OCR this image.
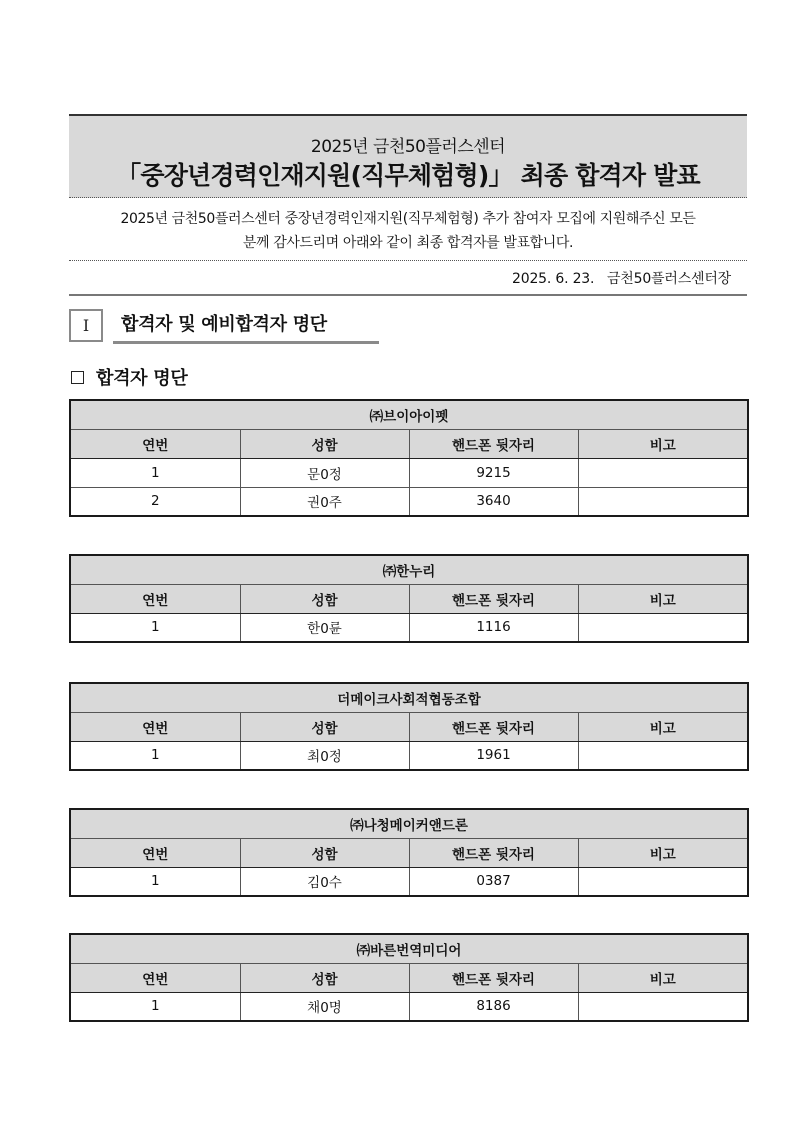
2025년 금천50플러스센터
「중장년경력인재지원(직무체험형)」 최종 합격자 발표
2025년 금천50플러스센터 중장년경력인재지원(직무체험형) 추가 참여자 모집에 지원해주신 모든
분께 감사드리며 아래와 같이 최종 합격자를 발표합니다.
2025. 6. 23.   금천50플러스센터장
Ⅰ	합격자 및 예비합격자 명단
합격자 명단
㈜브이아이펫			
연번	성함	핸드폰 뒷자리	비고
1	문0정	9215	
2	권0주	3640	
㈜한누리			
연번	성함	핸드폰 뒷자리	비고
1	한0륜	1116	
더메이크사회적협동조합			
연번	성함	핸드폰 뒷자리	비고
1	최0정	1961	
㈜나청메이커앤드론			
연번	성함	핸드폰 뒷자리	비고
1	김0수	0387	
㈜바른번역미디어			
연번	성함	핸드폰 뒷자리	비고
1	채0명	8186	
